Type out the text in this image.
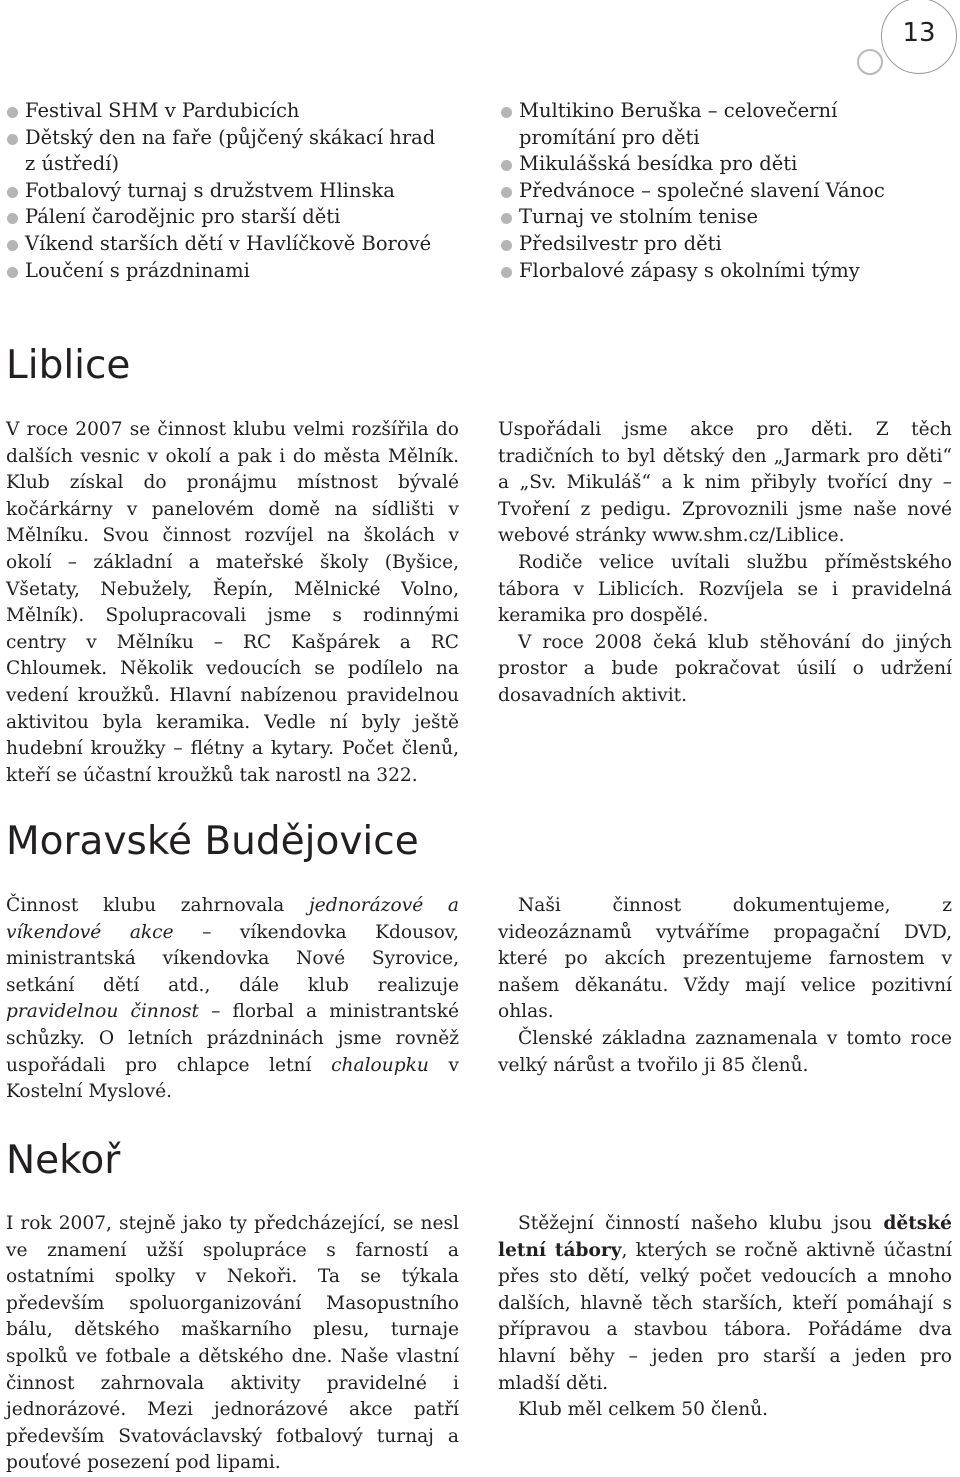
13
Festival SHM v Pardubicích
Dětský den na faře (půjčený skákací hrad z ústředí)
Fotbalový turnaj s družstvem Hlinska
Pálení čarodějnic pro starší děti
Víkend starších dětí v Havlíčkově Borové
Loučení s prázdninami
Multikino Beruška – celovečerní promítání pro děti
Mikulášská besídka pro děti
Předvánoce – společné slavení Vánoc
Turnaj ve stolním tenise
Předsilvestr pro děti
Florbalové zápasy s okolními týmy
Liblice

V roce 2007 se činnost klubu velmi rozšířila do dalších vesnic v okolí a pak i do města Mělník. Klub získal do pronájmu místnost bývalé kočárkárny v panelovém domě na sídlišti v Mělníku. Svou činnost rozvíjel na školách v okolí – základní a mateřské školy (Byšice, Všetaty, Nebužely, Řepín, Mělnické Volno, Mělník). Spolupracovali jsme s rodinnými centry v Mělníku – RC Kašpárek a RC Chloumek. Několik vedoucích se podílelo na vedení kroužků. Hlavní nabízenou pravidelnou aktivitou byla keramika. Vedle ní byly ještě hudební kroužky – flétny a kytary. Počet členů, kteří se účastní kroužků tak narostl na 322.

Uspořádali jsme akce pro děti. Z těch tradičních to byl dětský den „Jarmark pro děti“ a „Sv. Mikuláš“ a k nim přibyly tvořící dny – Tvoření z pedigu. Zprovoznili jsme naše nové webové stránky www.shm.cz/Liblice.

Rodiče velice uvítali službu příměstského tábora v Liblicích. Rozvíjela se i pravidelná keramika pro dospělé.

V roce 2008 čeká klub stěhování do jiných prostor a bude pokračovat úsilí o udržení dosavadních aktivit.

Moravské Budějovice

Činnost klubu zahrnovala jednorázové a víkendové akce – víkendovka Kdousov, ministrantská víkendovka Nové Syrovice, setkání dětí atd., dále klub realizuje pravidelnou činnost – florbal a ministrantské schůzky. O letních prázdninách jsme rovněž uspořádali pro chlapce letní chaloupku v Kostelní Myslové.

Naši činnost dokumentujeme, z videozáznamů vytváříme propagační DVD, které po akcích prezentujeme farnostem v našem děkanátu. Vždy mají velice pozitivní ohlas.

Členské základna zaznamenala v tomto roce velký nárůst a tvořilo ji 85 členů.

Nekoř

I rok 2007, stejně jako ty předcházející, se nesl ve znamení užší spolupráce s farností a ostatními spolky v Nekoři. Ta se týkala především spoluorganizování Masopustního bálu, dětského maškarního plesu, turnaje spolků ve fotbale a dětského dne. Naše vlastní činnost zahrnovala aktivity pravidelné i jednorázové. Mezi jednorázové akce patří především Svatováclavský fotbalový turnaj a pouťové posezení pod lipami.

Stěžejní činností našeho klubu jsou dětské letní tábory, kterých se ročně aktivně účastní přes sto dětí, velký počet vedoucích a mnoho dalších, hlavně těch starších, kteří pomáhají s přípravou a stavbou tábora. Pořádáme dva hlavní běhy – jeden pro starší a jeden pro mladší děti.

Klub měl celkem 50 členů.
